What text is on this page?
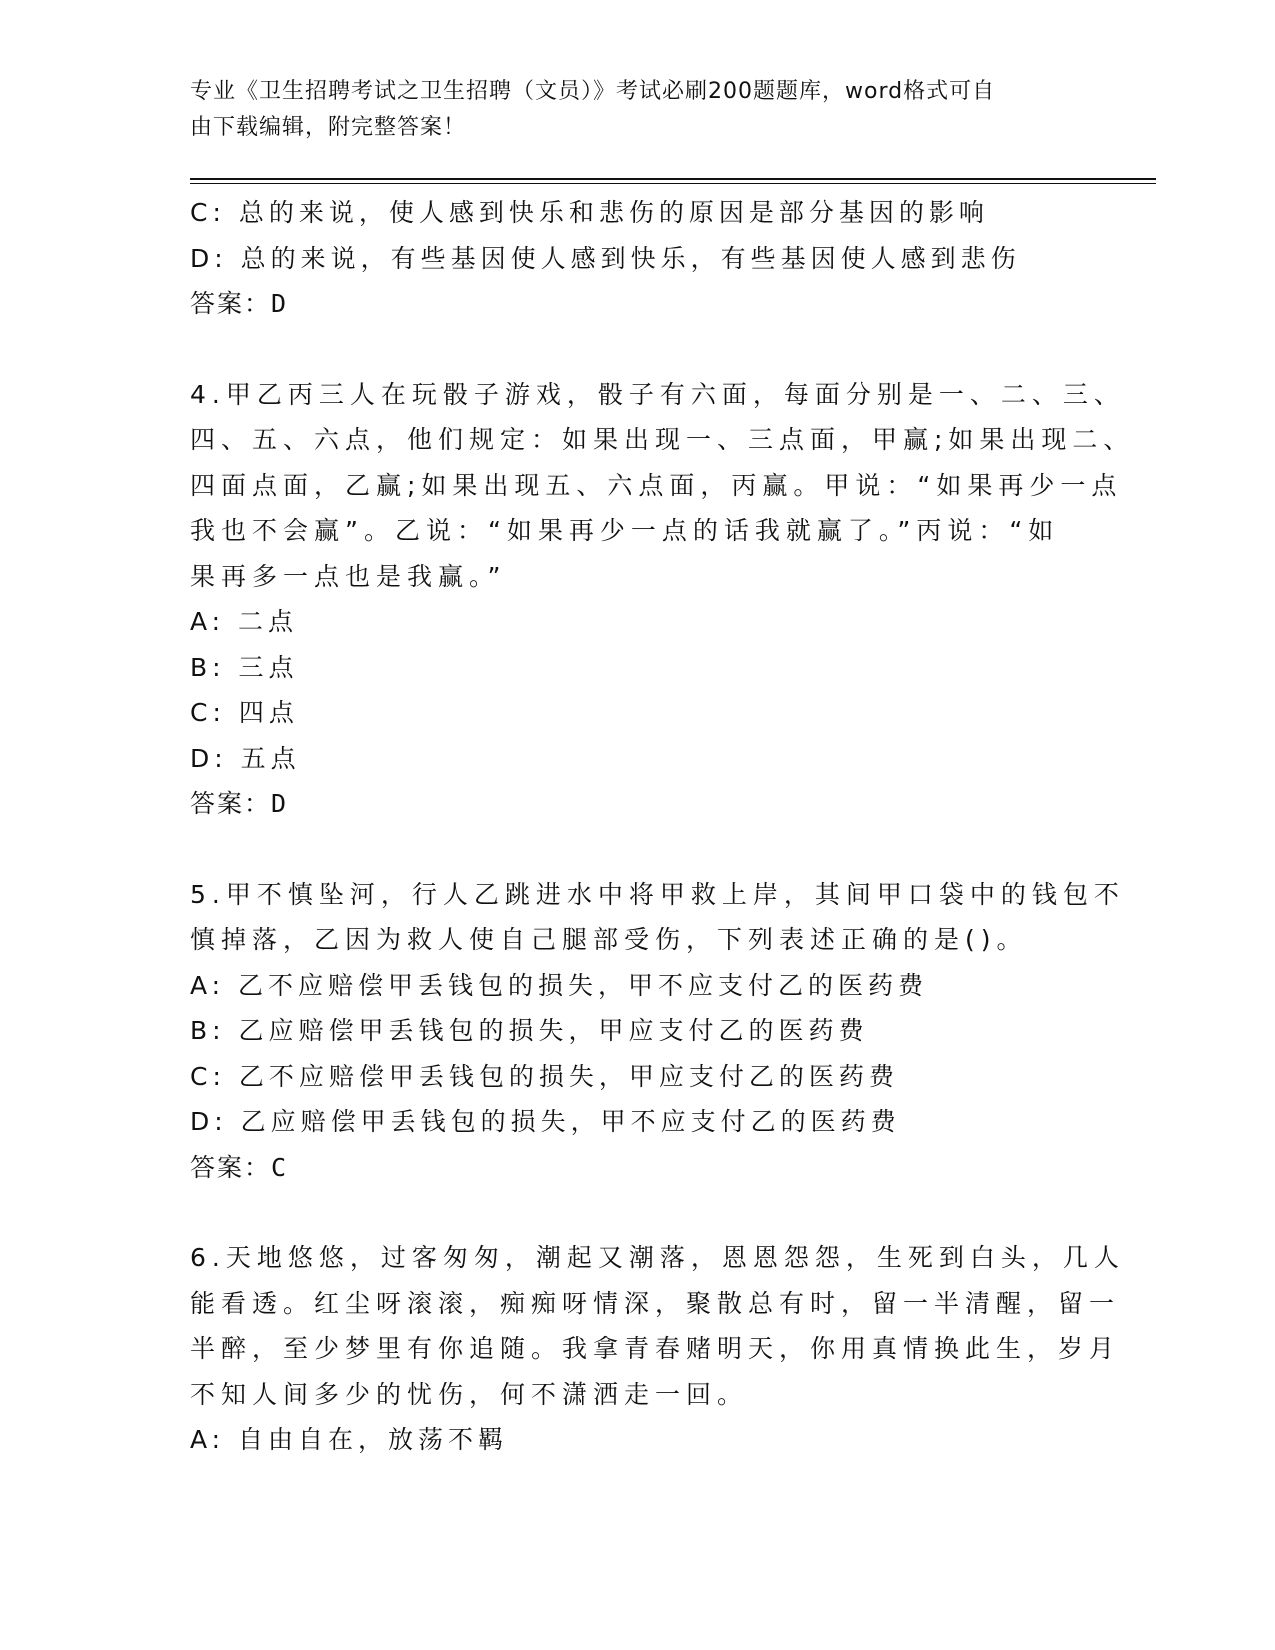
专业《卫生招聘考试之卫生招聘（文员）》考试必刷200题题库，word格式可自
由下载编辑，附完整答案！
C: 总的来说，使人感到快乐和悲伤的原因是部分基因的影响
D: 总的来说，有些基因使人感到快乐，有些基因使人感到悲伤
答案：D
4.甲乙丙三人在玩骰子游戏，骰子有六面，每面分别是一、二、三、
四、五、六点，他们规定：如果出现一、三点面，甲赢;如果出现二、
四面点面，乙赢;如果出现五、六点面，丙赢。甲说：“如果再少一点
我也不会赢”。乙说：“如果再少一点的话我就赢了。”丙说：“如
果再多一点也是我赢。”
A: 二点
B: 三点
C: 四点
D: 五点
答案：D
5.甲不慎坠河，行人乙跳进水中将甲救上岸，其间甲口袋中的钱包不
慎掉落，乙因为救人使自己腿部受伤，下列表述正确的是()。
A: 乙不应赔偿甲丢钱包的损失，甲不应支付乙的医药费
B: 乙应赔偿甲丢钱包的损失，甲应支付乙的医药费
C: 乙不应赔偿甲丢钱包的损失，甲应支付乙的医药费
D: 乙应赔偿甲丢钱包的损失，甲不应支付乙的医药费
答案：C
6.天地悠悠，过客匆匆，潮起又潮落，恩恩怨怨，生死到白头，几人
能看透。红尘呀滚滚，痴痴呀情深，聚散总有时，留一半清醒，留一
半醉，至少梦里有你追随。我拿青春赌明天，你用真情换此生，岁月
不知人间多少的忧伤，何不潇洒走一回。
A: 自由自在，放荡不羁
